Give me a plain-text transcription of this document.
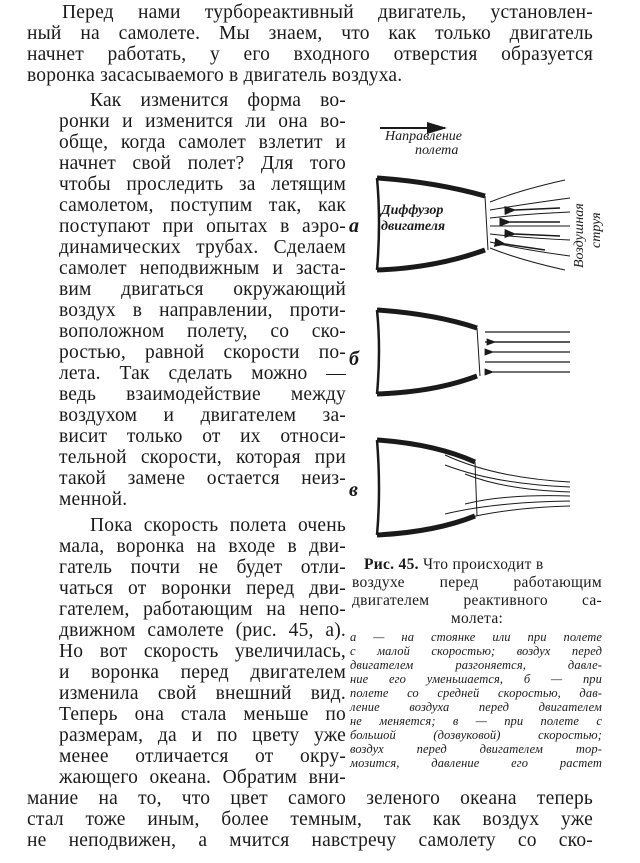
Перед нами турбореактивный двигатель, установлен-
ный на самолете. Мы знаем, что как только двигатель
начнет работать, у его входного отверстия образуется
воронка засасываемого в двигатель воздуха.
Как изменится форма во-
ронки и изменится ли она во-
обще, когда самолет взлетит и
начнет свой полет? Для того
чтобы проследить за летящим
самолетом, поступим так, как
поступают при опытах в аэро-
динамических трубах. Сделаем
самолет неподвижным и заста-
вим двигаться окружающий
воздух в направлении, проти-
воположном полету, со ско-
ростью, равной скорости по-
лета. Так сделать можно —
ведь взаимодействие между
воздухом и двигателем за-
висит только от их относи-
тельной скорости, которая при
такой замене остается неиз-
менной.
Пока скорость полета очень
мала, воронка на входе в дви-
гатель почти не будет отли-
чаться от воронки перед дви-
гателем, работающим на непо-
движном самолете (рис. 45, а).
Но вот скорость увеличилась,
и воронка перед двигателем
изменила свой внешний вид.
Теперь она стала меньше по
размерам, да и по цвету уже
менее отличается от окру-
жающего океана. Обратим вни-
мание на то, что цвет самого зеленого океана теперь
стал тоже иным, более темным, так как воздух уже
не неподвижен, а мчится навстречу самолету со ско-
Направление
полета
Диффузор
двигателя	Воздушная струя
а
б
в
Рис. 45. Что происходит в
воздухе перед работающим
двигателем реактивного са-
молета:
а — на стоянке или при полете
с малой скоростью; воздух перед
двигателем разгоняется, давле-
ние его уменьшается, б — при
полете со средней скоростью, дав-
ление воздуха перед двигателем
не меняется; в — при полете с
большой (дозвуковой) скоростью;
воздух перед двигателем тор-
мозится, давление его растет
